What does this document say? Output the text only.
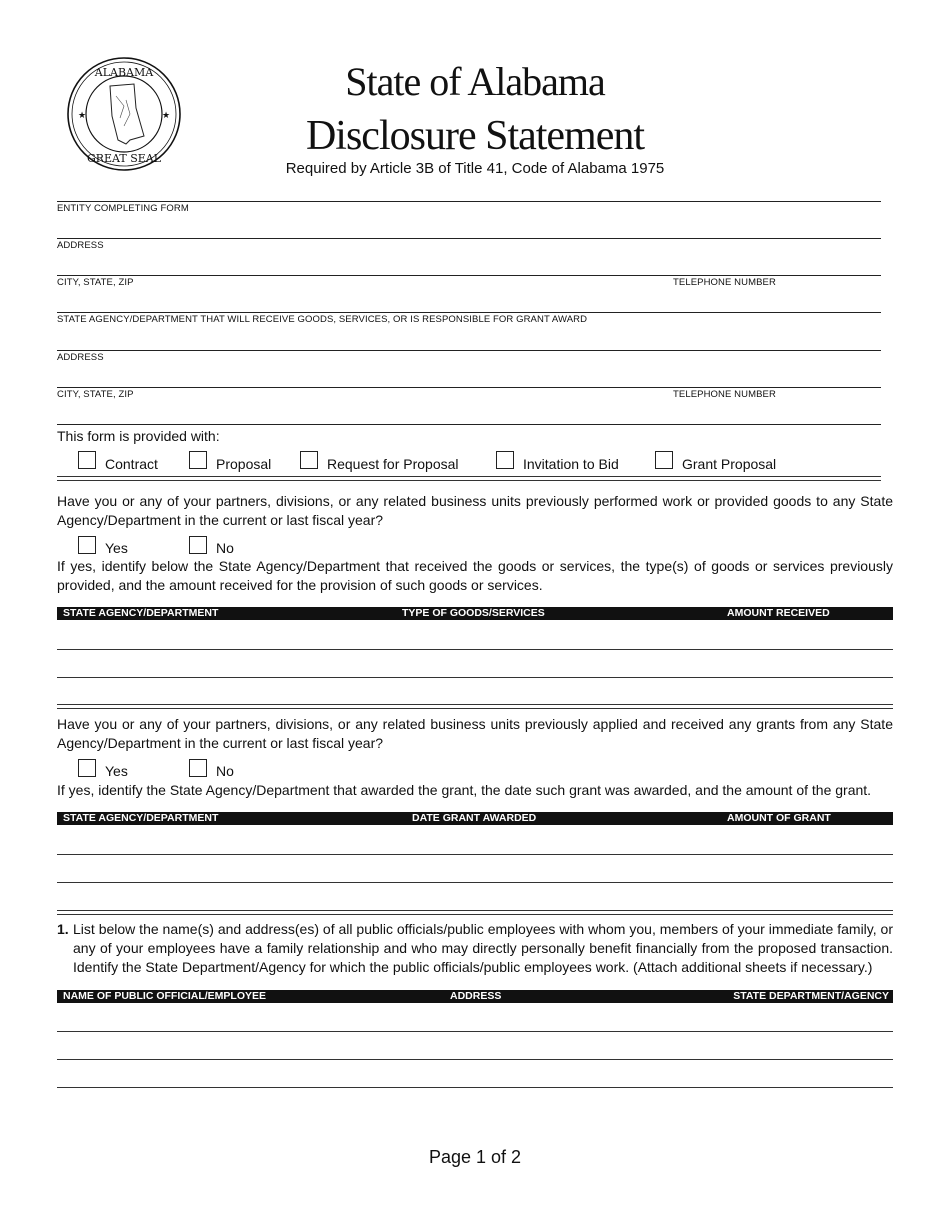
ALABAMA
GREAT SEAL
★	★
State of Alabama
Disclosure Statement
Required by Article 3B of Title 41, Code of Alabama 1975
ENTITY COMPLETING FORM
ADDRESS
CITY, STATE, ZIP	TELEPHONE NUMBER
STATE AGENCY/DEPARTMENT THAT WILL RECEIVE GOODS, SERVICES, OR IS RESPONSIBLE FOR GRANT AWARD
ADDRESS
CITY, STATE, ZIP	TELEPHONE NUMBER
This form is provided with:
Contract	Proposal	Request for Proposal	Invitation to Bid	Grant Proposal
Have you or any of your partners, divisions, or any related business units previously performed work or provided goods to any State Agency/Department in the current or last fiscal year?
Yes	No
If yes, identify below the State Agency/Department that received the goods or services, the type(s) of goods or services previously provided, and the amount received for the provision of such goods or services.
STATE AGENCY/DEPARTMENT	TYPE OF GOODS/SERVICES	AMOUNT RECEIVED
Have you or any of your partners, divisions, or any related business units previously applied and received any grants from any State Agency/Department in the current or last fiscal year?
Yes	No
If yes, identify the State Agency/Department that awarded the grant, the date such grant was awarded, and the amount of the grant.
STATE AGENCY/DEPARTMENT	DATE GRANT AWARDED	AMOUNT OF GRANT
1. List below the name(s) and address(es) of all public officials/public employees with whom you, members of your immediate family, or any of your employees have a family relationship and who may directly personally benefit financially from the proposed transaction. Identify the State Department/Agency for which the public officials/public employees work. (Attach additional sheets if necessary.)
NAME OF PUBLIC OFFICIAL/EMPLOYEE	ADDRESS	STATE DEPARTMENT/AGENCY
Page 1 of 2
